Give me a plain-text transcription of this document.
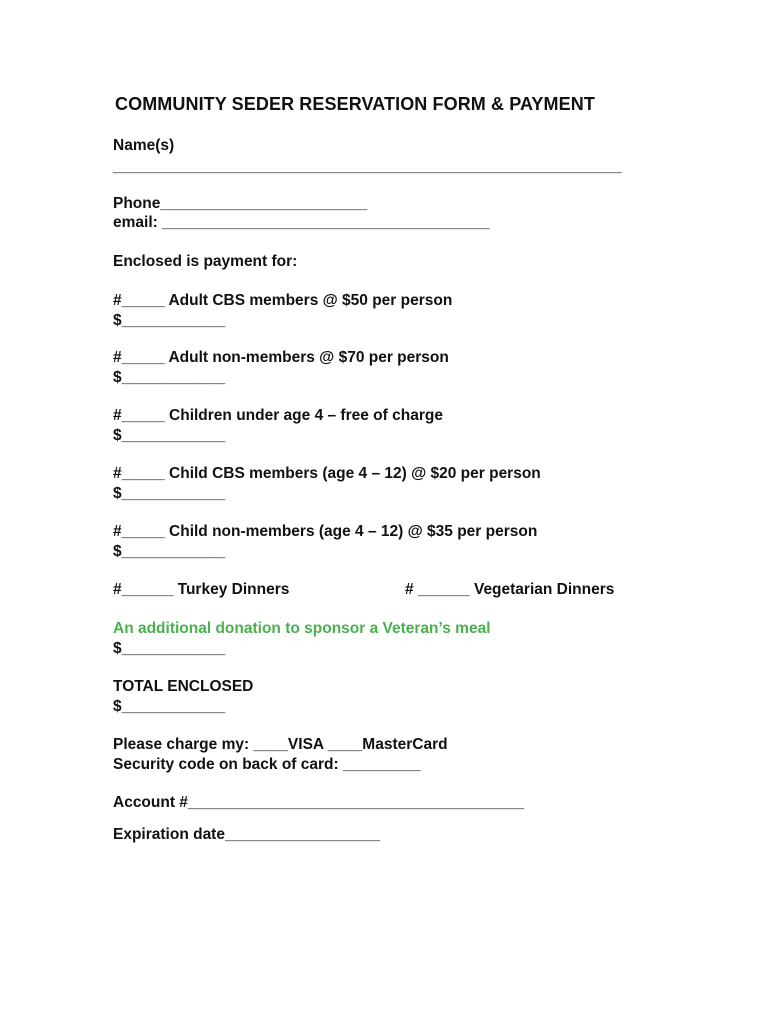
COMMUNITY SEDER RESERVATION FORM & PAYMENT
Name(s)
___________________________________________________________
Phone________________________
email: ______________________________________
Enclosed is payment for:
#_____ Adult CBS members @ $50 per person
$____________
#_____ Adult non-members @ $70 per person
$____________
#_____ Children under age 4 – free of charge
$____________
#_____ Child CBS members (age 4 – 12) @ $20 per person
$____________
#_____ Child non-members (age 4 – 12) @ $35 per person
$____________
#______ Turkey Dinners	# ______ Vegetarian Dinners
An additional donation to sponsor a Veteran’s meal
$____________
TOTAL ENCLOSED
$____________
Please charge my: ____VISA ____MasterCard
Security code on back of card: _________
Account #_______________________________________
Expiration date__________________
